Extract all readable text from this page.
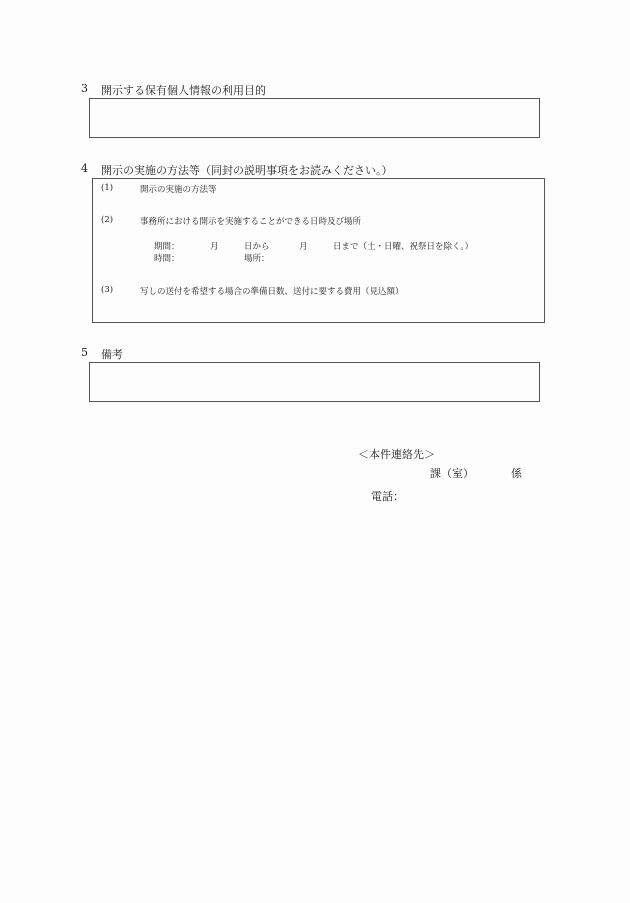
3 開示する保有個人情報の利用目的
4 開示の実施の方法等（同封の説明事項をお読みください。）
(1)	開示の実施の方法等
(2)	事務所における開示を実施することができる日時及び場所
期間：	月	日から	月	日まで（土・日曜、祝祭日を除く。）
時間：	場所：
(3)	写しの送付を希望する場合の準備日数、送付に要する費用（見込額）
5 備考
＜本件連絡先＞
課（室）	係
電話：
